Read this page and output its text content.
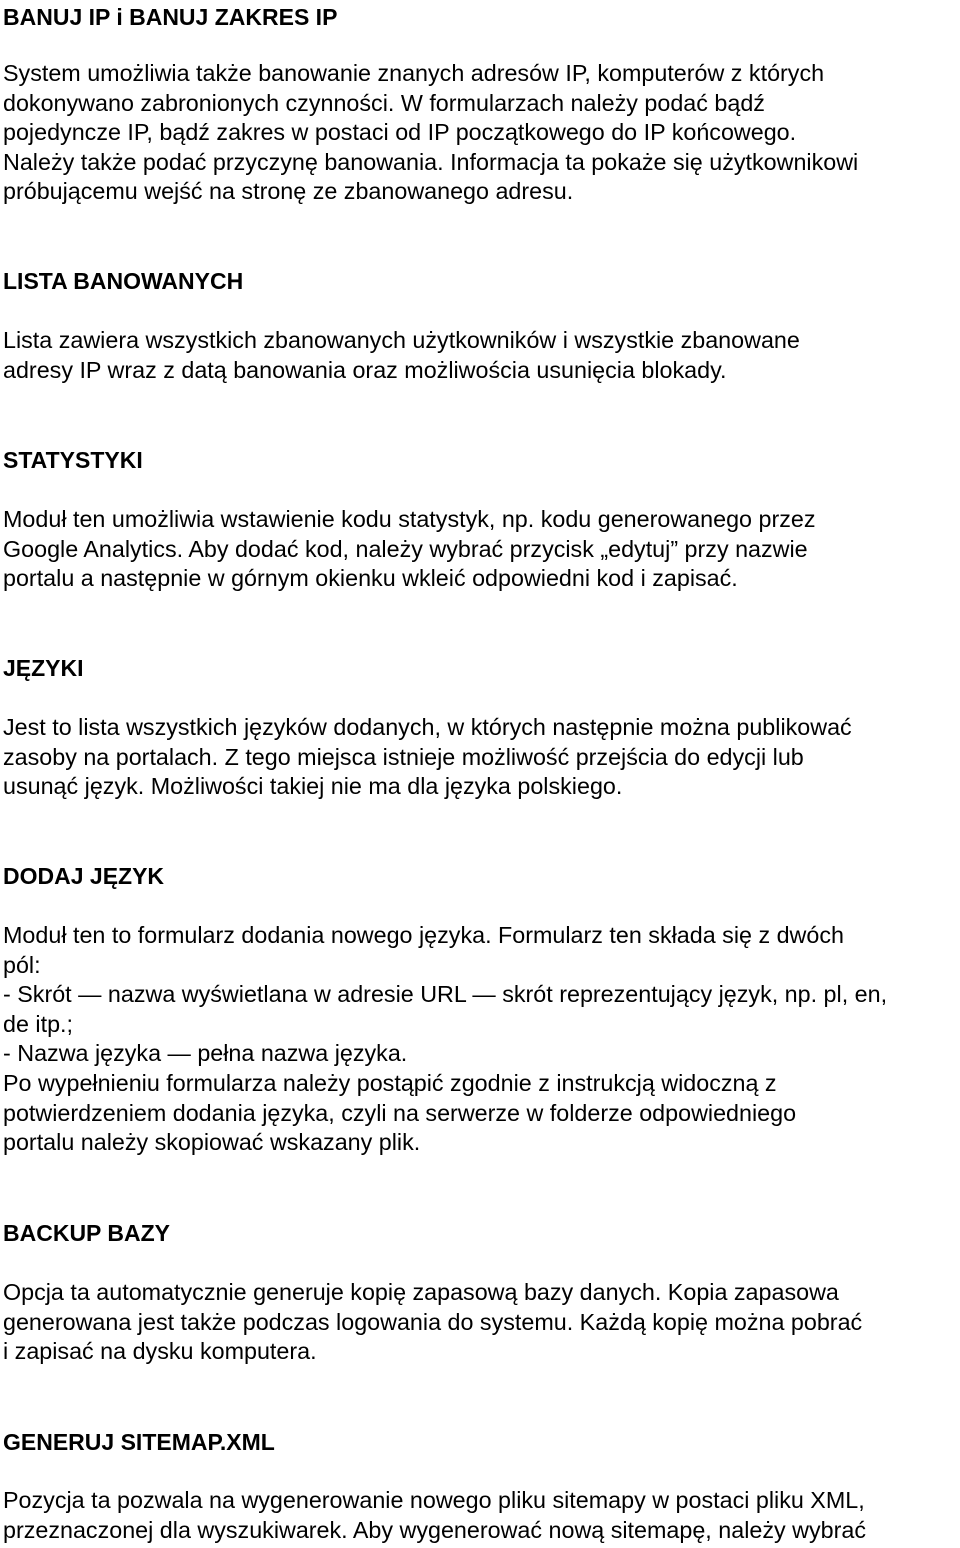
BANUJ IP i BANUJ ZAKRES IP
System umożliwia także banowanie znanych adresów IP, komputerów z których
dokonywano zabronionych czynności. W formularzach należy podać bądź
pojedyncze IP, bądź zakres w postaci od IP początkowego do IP końcowego.
Należy także podać przyczynę banowania. Informacja ta pokaże się użytkownikowi
próbującemu wejść na stronę ze zbanowanego adresu.
LISTA BANOWANYCH
Lista zawiera wszystkich zbanowanych użytkowników i wszystkie zbanowane
adresy IP wraz z datą banowania oraz możliwościa usunięcia blokady.
STATYSTYKI
Moduł ten umożliwia wstawienie kodu statystyk, np. kodu generowanego przez
Google Analytics. Aby dodać kod, należy wybrać przycisk „edytuj” przy nazwie
portalu a następnie w górnym okienku wkleić odpowiedni kod i zapisać.
JĘZYKI
Jest to lista wszystkich języków dodanych, w których następnie można publikować
zasoby na portalach. Z tego miejsca istnieje możliwość przejścia do edycji lub
usunąć język. Możliwości takiej nie ma dla języka polskiego.
DODAJ JĘZYK
Moduł ten to formularz dodania nowego języka. Formularz ten składa się z dwóch
pól:
- Skrót — nazwa wyświetlana w adresie URL — skrót reprezentujący język, np. pl, en,
de itp.;
- Nazwa języka — pełna nazwa języka.
Po wypełnieniu formularza należy postąpić zgodnie z instrukcją widoczną z
potwierdzeniem dodania języka, czyli na serwerze w folderze odpowiedniego
portalu należy skopiować wskazany plik.
BACKUP BAZY
Opcja ta automatycznie generuje kopię zapasową bazy danych. Kopia zapasowa
generowana jest także podczas logowania do systemu. Każdą kopię można pobrać
i zapisać na dysku komputera.
GENERUJ SITEMAP.XML
Pozycja ta pozwala na wygenerowanie nowego pliku sitemapy w postaci pliku XML,
przeznaczonej dla wyszukiwarek. Aby wygenerować nową sitemapę, należy wybrać
